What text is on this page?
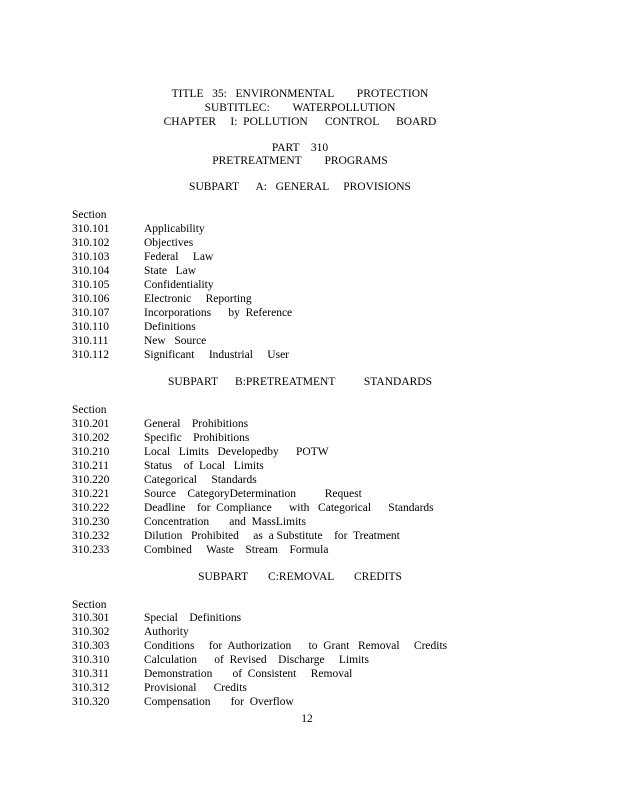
TITLE   35:   ENVIRONMENTAL        PROTECTION
SUBTITLEC:        WATERPOLLUTION
CHAPTER     I:  POLLUTION      CONTROL      BOARD
PART    310
PRETREATMENT        PROGRAMS
SUBPART      A:   GENERAL     PROVISIONS
Section
310.101	Applicability
310.102	Objectives
310.103	Federal     Law
310.104	State   Law
310.105	Confidentiality
310.106	Electronic     Reporting
310.107	Incorporations      by  Reference
310.110	Definitions
310.111	New   Source
310.112	Significant     Industrial     User
SUBPART      B:PRETREATMENT          STANDARDS
Section
310.201	General    Prohibitions
310.202	Specific    Prohibitions
310.210	Local   Limits   Developedby      POTW
310.211	Status    of  Local   Limits
310.220	Categorical     Standards
310.221	Source    CategoryDetermination          Request
310.222	Deadline    for  Compliance      with   Categorical      Standards
310.230	Concentration       and  MassLimits
310.232	Dilution   Prohibited     as  a Substitute    for  Treatment
310.233	Combined     Waste    Stream    Formula
SUBPART       C:REMOVAL       CREDITS
Section
310.301	Special    Definitions
310.302	Authority
310.303	Conditions     for  Authorization      to  Grant   Removal     Credits
310.310	Calculation      of  Revised    Discharge     Limits
310.311	Demonstration       of  Consistent     Removal
310.312	Provisional      Credits
310.320	Compensation       for  Overflow
12
